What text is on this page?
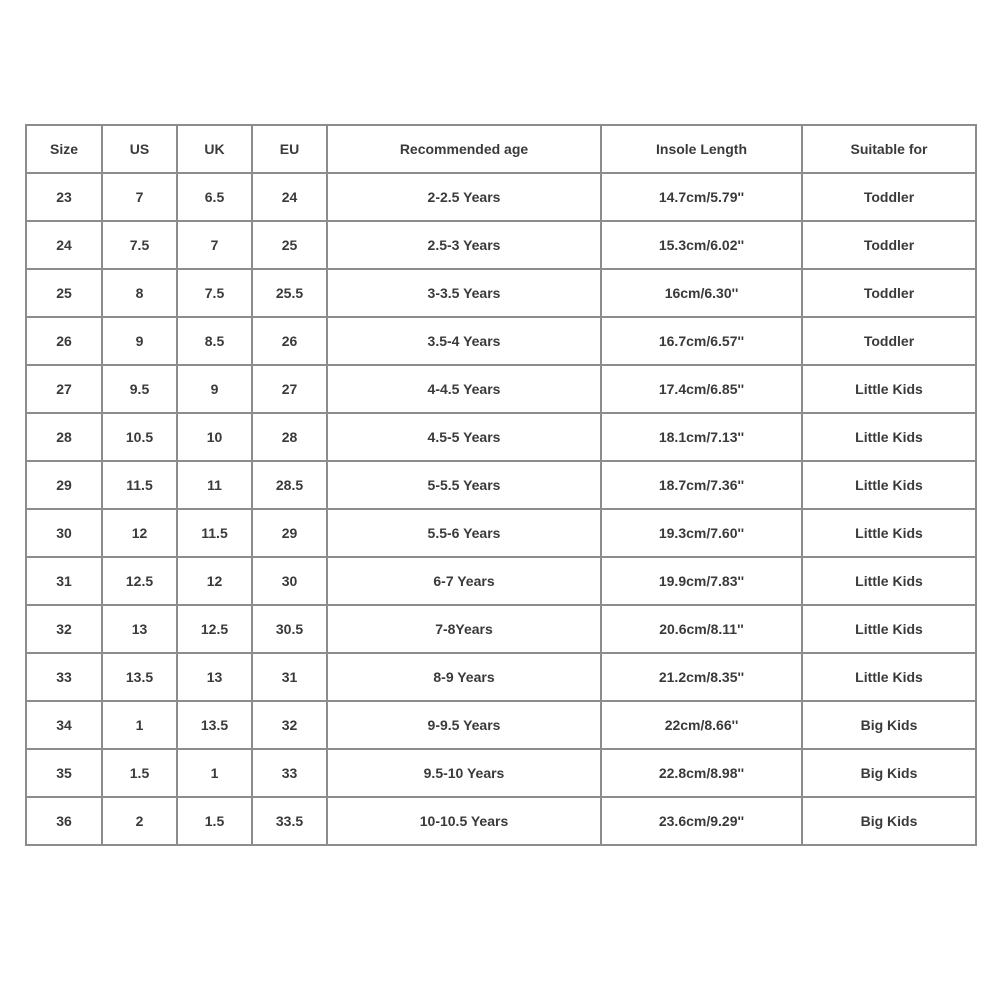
Size	US	UK	EU	Recommended age	Insole Length	Suitable for
23	7	6.5	24	2-2.5 Years	14.7cm/5.79''	Toddler
24	7.5	7	25	2.5-3 Years	15.3cm/6.02''	Toddler
25	8	7.5	25.5	3-3.5 Years	16cm/6.30''	Toddler
26	9	8.5	26	3.5-4 Years	16.7cm/6.57''	Toddler
27	9.5	9	27	4-4.5 Years	17.4cm/6.85''	Little Kids
28	10.5	10	28	4.5-5 Years	18.1cm/7.13''	Little Kids
29	11.5	11	28.5	5-5.5 Years	18.7cm/7.36''	Little Kids
30	12	11.5	29	5.5-6 Years	19.3cm/7.60''	Little Kids
31	12.5	12	30	6-7 Years	19.9cm/7.83''	Little Kids
32	13	12.5	30.5	7-8Years	20.6cm/8.11''	Little Kids
33	13.5	13	31	8-9 Years	21.2cm/8.35''	Little Kids
34	1	13.5	32	9-9.5 Years	22cm/8.66''	Big Kids
35	1.5	1	33	9.5-10 Years	22.8cm/8.98''	Big Kids
36	2	1.5	33.5	10-10.5 Years	23.6cm/9.29''	Big Kids
